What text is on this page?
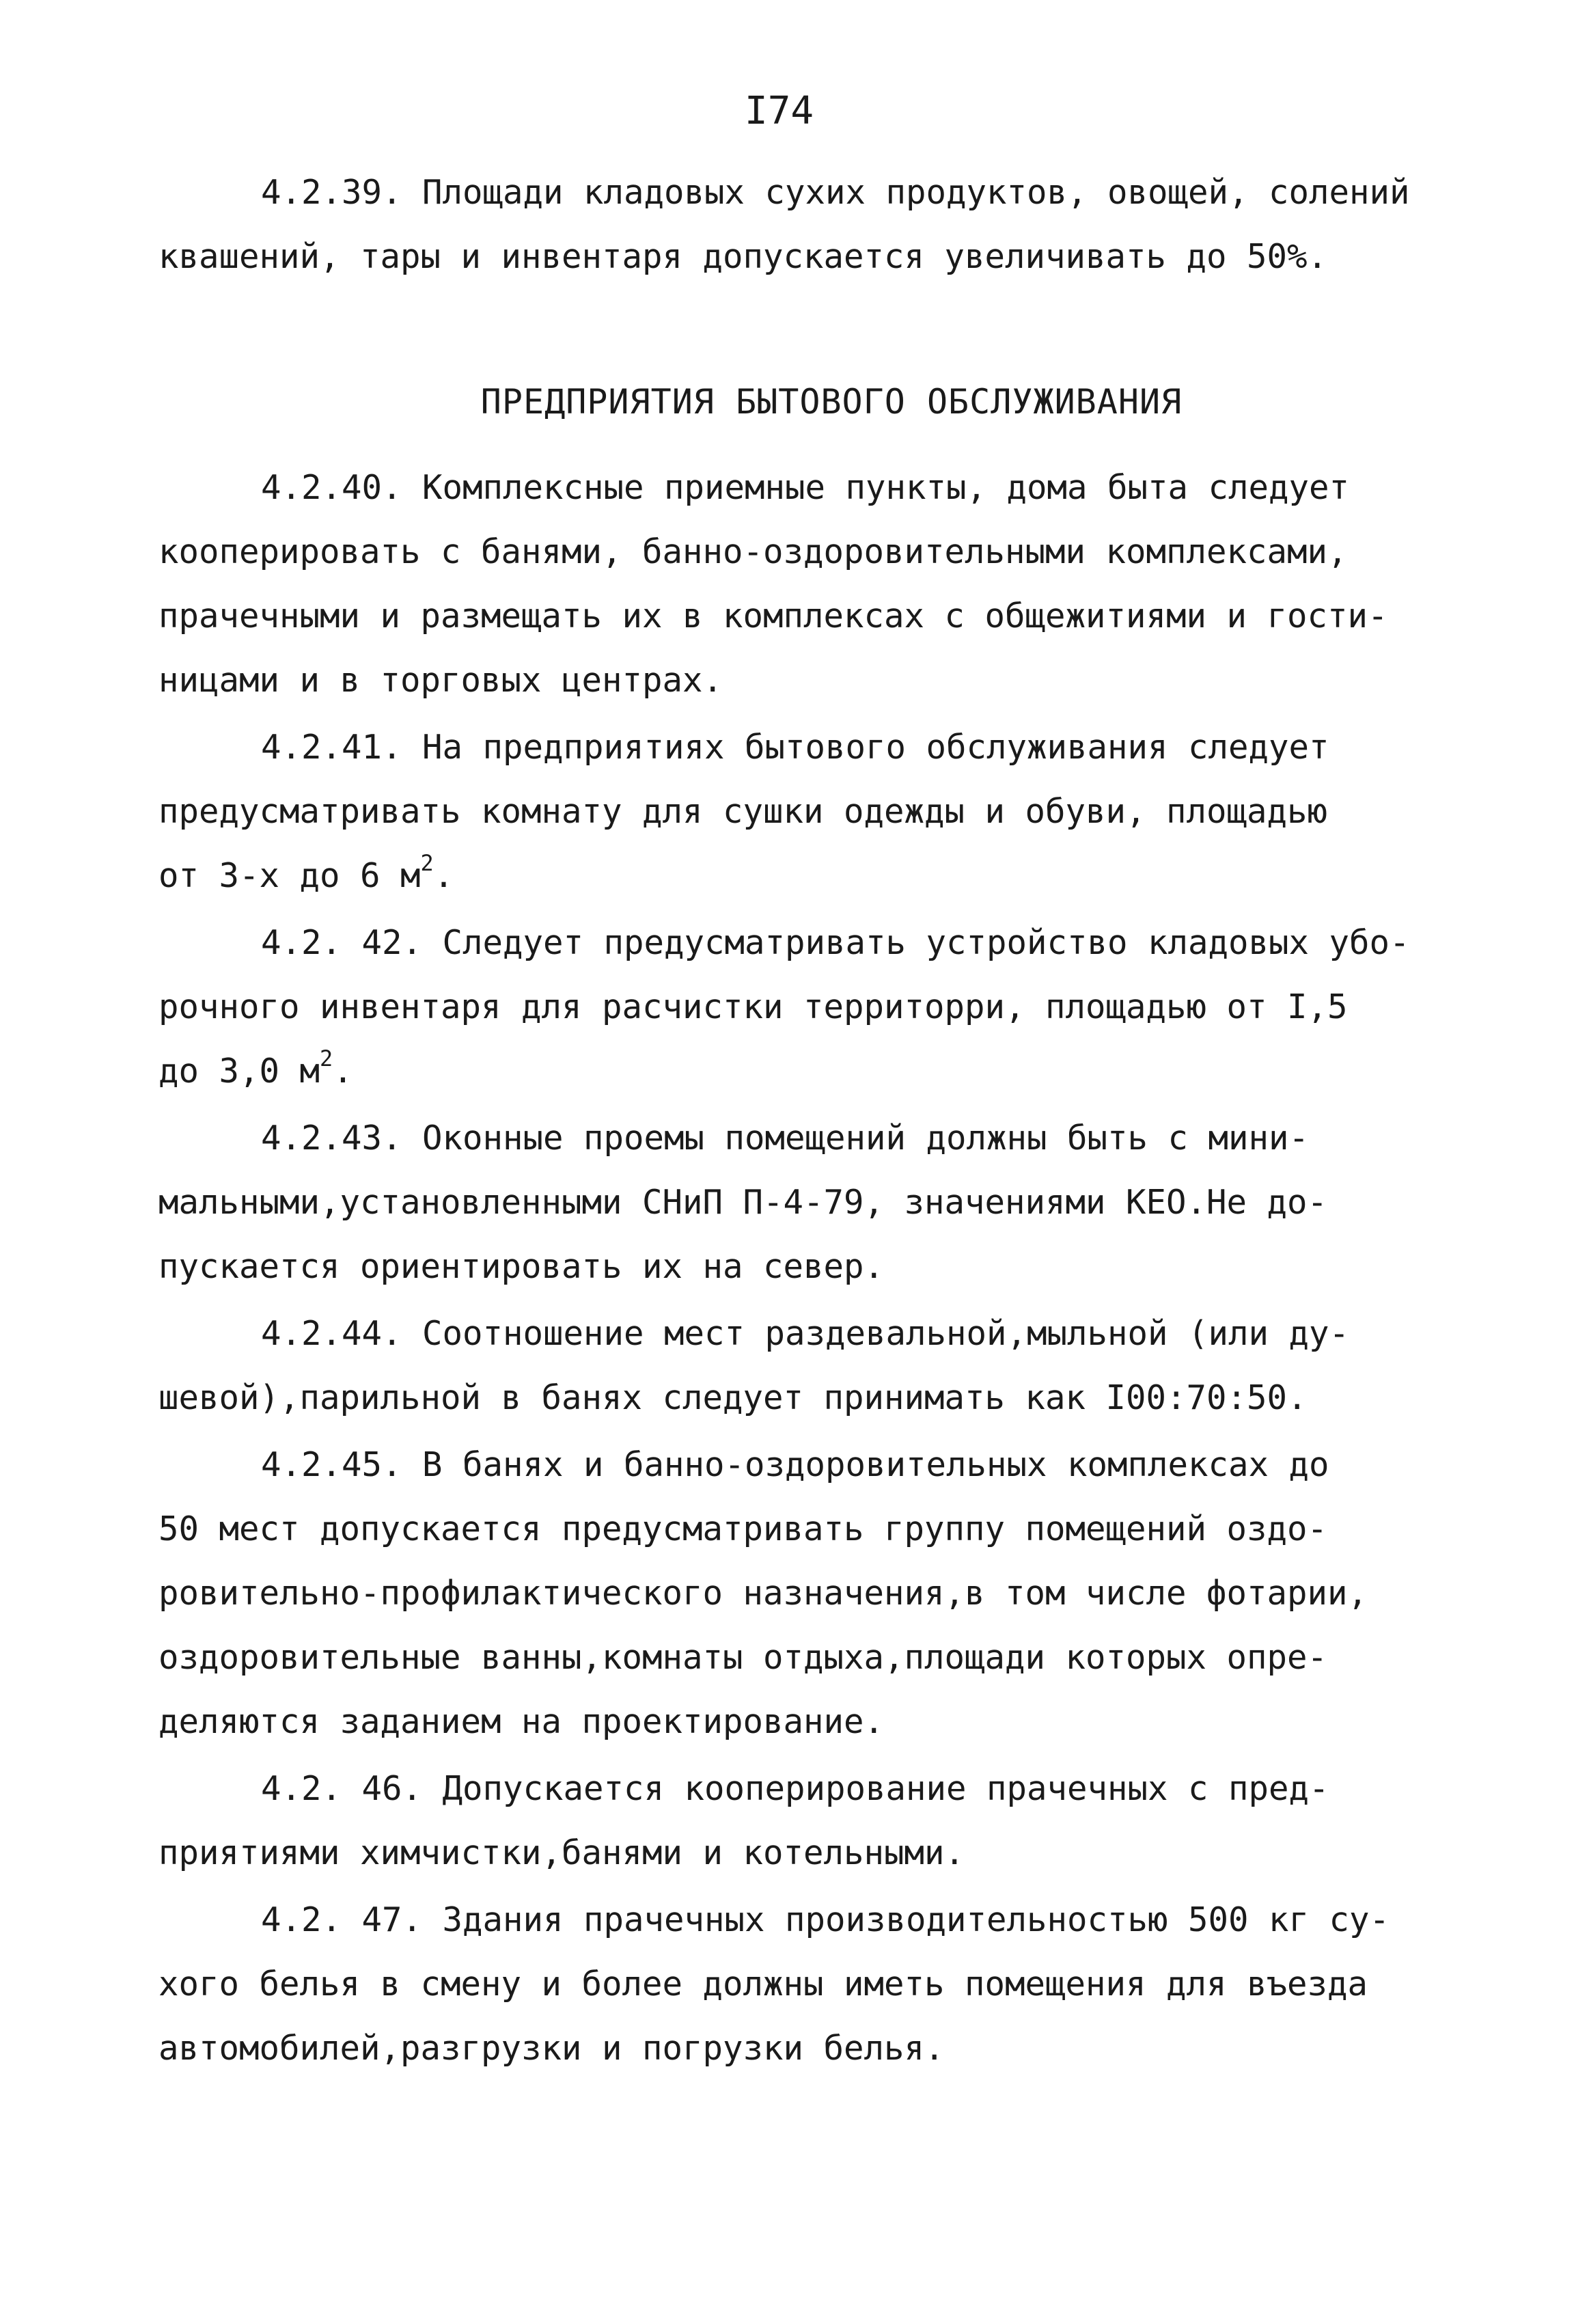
I74
4.2.39. Площади кладовых сухих продуктов, овощей, солений
квашений, тары и инвентаря допускается увеличивать до 50%.
ПРЕДПРИЯТИЯ БЫТОВОГО ОБСЛУЖИВАНИЯ
4.2.40. Комплексные приемные пункты, дома быта следует
кооперировать с банями, банно-оздоровительными комплексами,
прачечными и размещать их в комплексах с общежитиями и гости-
ницами и в торговых центрах.
4.2.41. На предприятиях бытового обслуживания следует
предусматривать комнату для сушки одежды и обуви, площадью
от 3-х до 6 $м^2$.
4.2. 42. Следует предусматривать устройство кладовых убо-
рочного инвентаря для расчистки территорри, площадью от I,5
до 3,0 $м^2$.
4.2.43. Оконные проемы помещений должны быть с мини-
мальными,установленными СНиП П-4-79, значениями КЕО.Не до-
пускается ориентировать их на север.
4.2.44. Соотношение мест раздевальной,мыльной (или ду-
шевой),парильной в банях следует принимать как I00:70:50.
4.2.45. В банях и банно-оздоровительных комплексах до
50 мест допускается предусматривать группу помещений оздо-
ровительно-профилактического назначения,в том числе фотарии,
оздоровительные ванны,комнаты отдыха,площади которых опре-
деляются заданием на проектирование.
4.2. 46. Допускается кооперирование прачечных с пред-
приятиями химчистки,банями и котельными.
4.2. 47. Здания прачечных производительностью 500 кг су-
хого белья в смену и более должны иметь помещения для въезда
автомобилей,разгрузки и погрузки белья.
